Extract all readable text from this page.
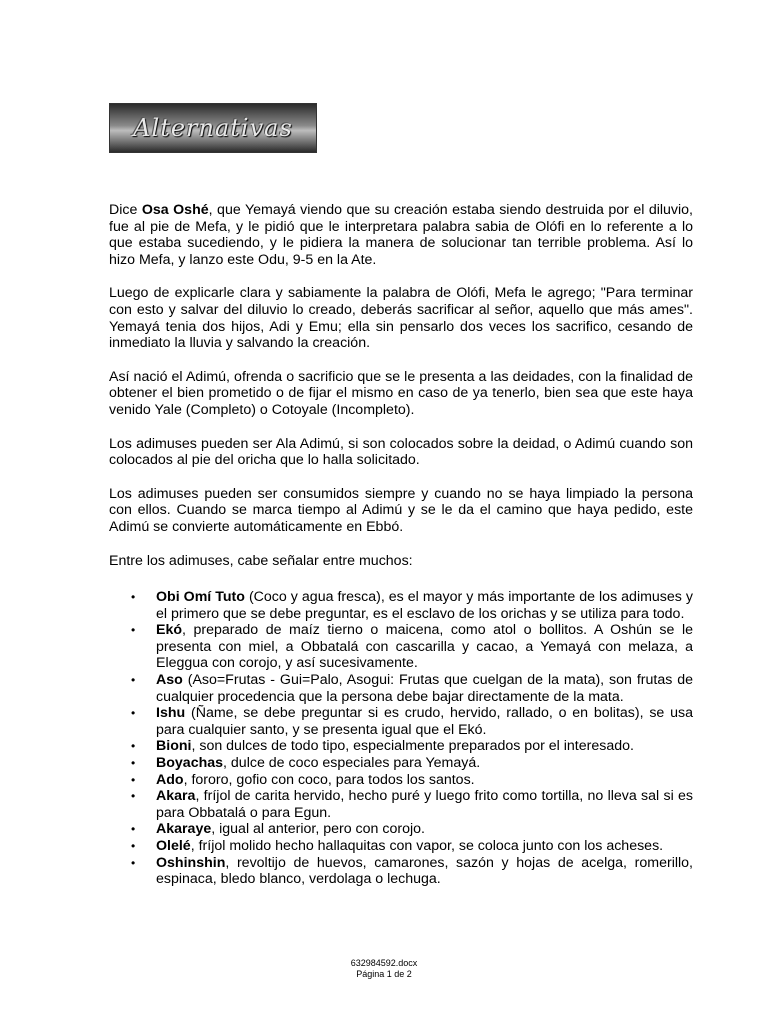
Alternativas

Dice Osa Oshé, que Yemayá viendo que su creación estaba siendo destruida por el diluvio, fue al pie de Mefa, y le pidió que le interpretara palabra sabia de Olófi en lo referente a lo que estaba sucediendo, y le pidiera la manera de solucionar tan terrible problema. Así lo hizo Mefa, y lanzo este Odu, 9-5 en la Ate.

Luego de explicarle clara y sabiamente la palabra de Olófi, Mefa le agrego; "Para terminar con esto y salvar del diluvio lo creado, deberás sacrificar al señor, aquello que más ames". Yemayá tenia dos hijos, Adi y Emu; ella sin pensarlo dos veces los sacrifico, cesando de inmediato la lluvia y salvando la creación.

Así nació el Adimú, ofrenda o sacrificio que se le presenta a las deidades, con la finalidad de obtener el bien prometido o de fijar el mismo en caso de ya tenerlo, bien sea que este haya venido Yale (Completo) o Cotoyale (Incompleto).

Los adimuses pueden ser Ala Adimú, si son colocados sobre la deidad, o Adimú cuando son colocados al pie del oricha que lo halla solicitado.

Los adimuses pueden ser consumidos siempre y cuando no se haya limpiado la persona con ellos. Cuando se marca tiempo al Adimú y se le da el camino que haya pedido, este Adimú se convierte automáticamente en Ebbó.

Entre los adimuses, cabe señalar entre muchos:

• Obi Omí Tuto (Coco y agua fresca), es el mayor y más importante de los adimuses y el primero que se debe preguntar, es el esclavo de los orichas y se utiliza para todo.
• Ekó, preparado de maíz tierno o maicena, como atol o bollitos. A Oshún se le presenta con miel, a Obbatalá con cascarilla y cacao, a Yemayá con melaza, a Eleggua con corojo, y así sucesivamente.
• Aso (Aso=Frutas - Gui=Palo, Asogui: Frutas que cuelgan de la mata), son frutas de cualquier procedencia que la persona debe bajar directamente de la mata.
• Ishu (Ñame, se debe preguntar si es crudo, hervido, rallado, o en bolitas), se usa para cualquier santo, y se presenta igual que el Ekó.
• Bioni, son dulces de todo tipo, especialmente preparados por el interesado.
• Boyachas, dulce de coco especiales para Yemayá.
• Ado, fororo, gofio con coco, para todos los santos.
• Akara, fríjol de carita hervido, hecho puré y luego frito como tortilla, no lleva sal si es para Obbatalá o para Egun.
• Akaraye, igual al anterior, pero con corojo.
• Olelé, fríjol molido hecho hallaquitas con vapor, se coloca junto con los acheses.
• Oshinshin, revoltijo de huevos, camarones, sazón y hojas de acelga, romerillo, espinaca, bledo blanco, verdolaga o lechuga.
632984592.docx
Página 1 de 2
